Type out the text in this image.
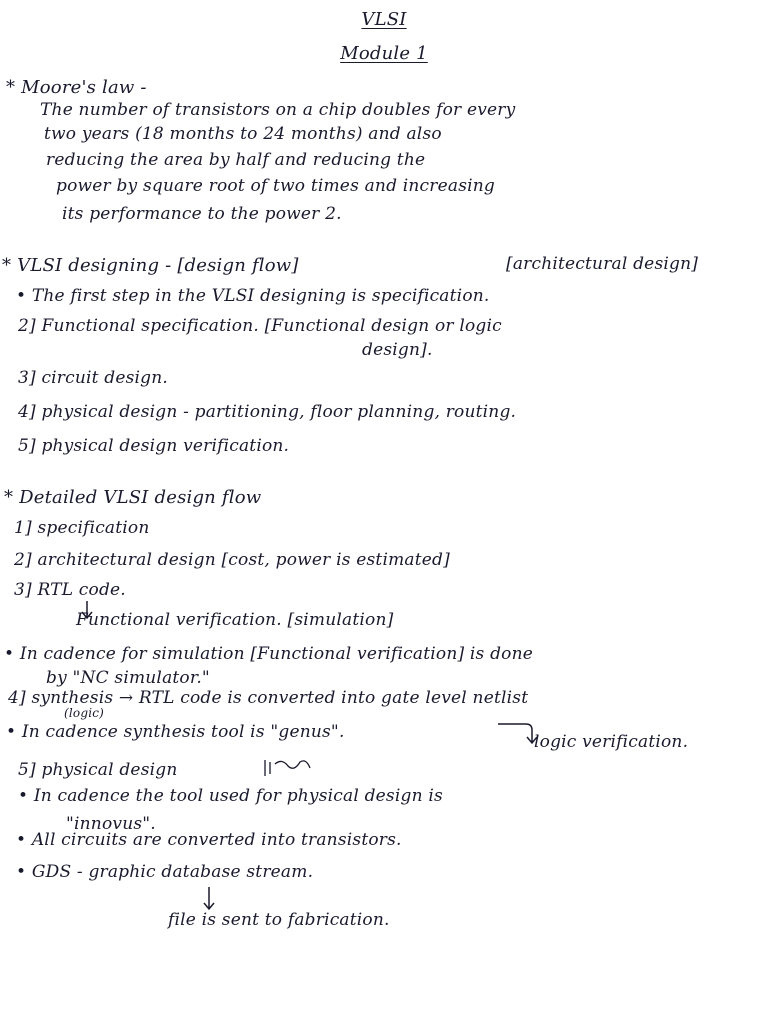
VLSI
Module 1
* Moore's law -
The number of transistors on a chip doubles for every
two years (18 months to 24 months) and also
reducing the area by half and reducing the
power by square root of two times and increasing
its performance to the power 2.
* VLSI designing - [design flow]	[architectural design]
• The first step in the VLSI designing is specification.
2] Functional specification. [Functional design or logic
design].
3] circuit design.
4] physical design - partitioning, floor planning, routing.
5] physical design verification.
* Detailed VLSI design flow
1] specification
2] architectural design [cost, power is estimated]
3] RTL code.
Functional verification. [simulation]
• In cadence for simulation [Functional verification] is done
by "NC simulator."
4] synthesis → RTL code is converted into gate level netlist
(logic)
• In cadence synthesis tool is "genus".	logic verification.
5] physical design
• In cadence the tool used for physical design is
"innovus".
• All circuits are converted into transistors.
• GDS - graphic database stream.
file is sent to fabrication.
